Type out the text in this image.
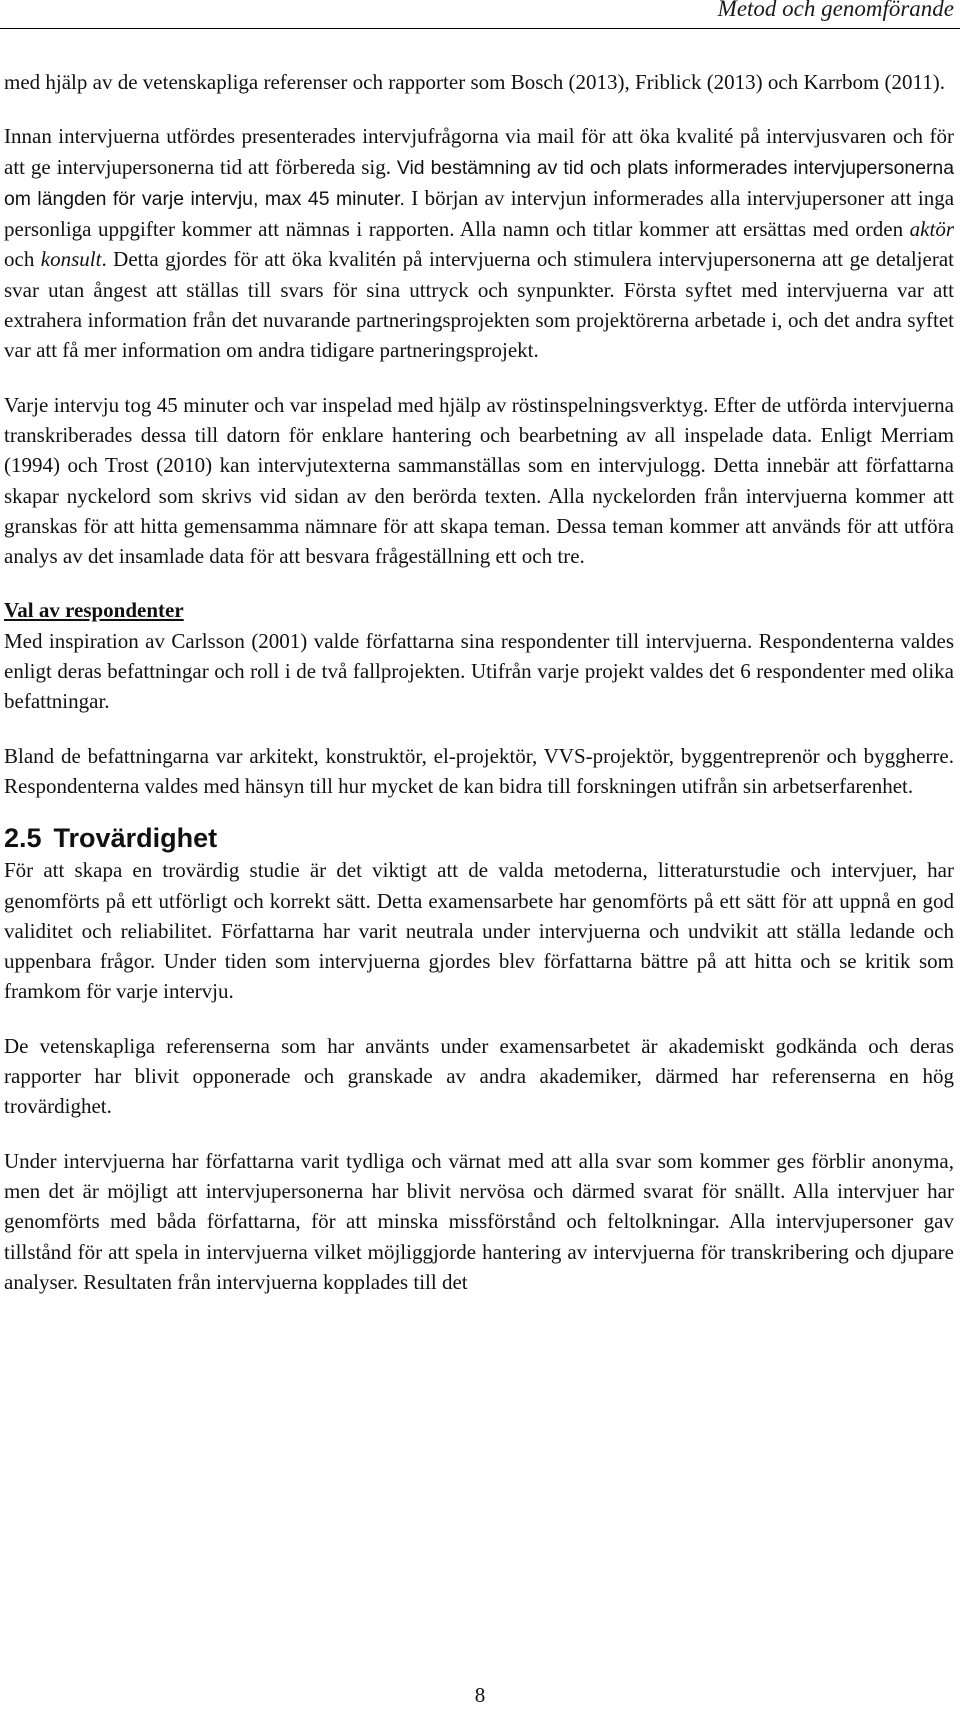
Metod och genomförande

med hjälp av de vetenskapliga referenser och rapporter som Bosch (2013), Friblick (2013) och Karrbom (2011).

Innan intervjuerna utfördes presenterades intervjufrågorna via mail för att öka kvalité på intervjusvaren och för att ge intervjupersonerna tid att förbereda sig. Vid bestämning av tid och plats informerades intervjupersonerna om längden för varje intervju, max 45 minuter. I början av intervjun informerades alla intervjupersoner att inga personliga uppgifter kommer att nämnas i rapporten. Alla namn och titlar kommer att ersättas med orden aktör och konsult. Detta gjordes för att öka kvalitén på intervjuerna och stimulera intervjupersonerna att ge detaljerat svar utan ångest att ställas till svars för sina uttryck och synpunkter. Första syftet med intervjuerna var att extrahera information från det nuvarande partneringsprojekten som projektörerna arbetade i, och det andra syftet var att få mer information om andra tidigare partneringsprojekt.

Varje intervju tog 45 minuter och var inspelad med hjälp av röstinspelningsverktyg. Efter de utförda intervjuerna transkriberades dessa till datorn för enklare hantering och bearbetning av all inspelade data. Enligt Merriam (1994) och Trost (2010) kan intervjutexterna sammanställas som en intervjulogg. Detta innebär att författarna skapar nyckelord som skrivs vid sidan av den berörda texten. Alla nyckelorden från intervjuerna kommer att granskas för att hitta gemensamma nämnare för att skapa teman. Dessa teman kommer att används för att utföra analys av det insamlade data för att besvara frågeställning ett och tre.

Val av respondenter

Med inspiration av Carlsson (2001) valde författarna sina respondenter till intervjuerna. Respondenterna valdes enligt deras befattningar och roll i de två fallprojekten. Utifrån varje projekt valdes det 6 respondenter med olika befattningar.

Bland de befattningarna var arkitekt, konstruktör, el-projektör, VVS-projektör, byggentreprenör och byggherre. Respondenterna valdes med hänsyn till hur mycket de kan bidra till forskningen utifrån sin arbetserfarenhet.

2.5 Trovärdighet

För att skapa en trovärdig studie är det viktigt att de valda metoderna, litteraturstudie och intervjuer, har genomförts på ett utförligt och korrekt sätt. Detta examensarbete har genomförts på ett sätt för att uppnå en god validitet och reliabilitet. Författarna har varit neutrala under intervjuerna och undvikit att ställa ledande och uppenbara frågor. Under tiden som intervjuerna gjordes blev författarna bättre på att hitta och se kritik som framkom för varje intervju.

De vetenskapliga referenserna som har använts under examensarbetet är akademiskt godkända och deras rapporter har blivit opponerade och granskade av andra akademiker, därmed har referenserna en hög trovärdighet.

Under intervjuerna har författarna varit tydliga och värnat med att alla svar som kommer ges förblir anonyma, men det är möjligt att intervjupersonerna har blivit nervösa och därmed svarat för snällt. Alla intervjuer har genomförts med båda författarna, för att minska missförstånd och feltolkningar. Alla intervjupersoner gav tillstånd för att spela in intervjuerna vilket möjliggjorde hantering av intervjuerna för transkribering och djupare analyser. Resultaten från intervjuerna kopplades till det

8
